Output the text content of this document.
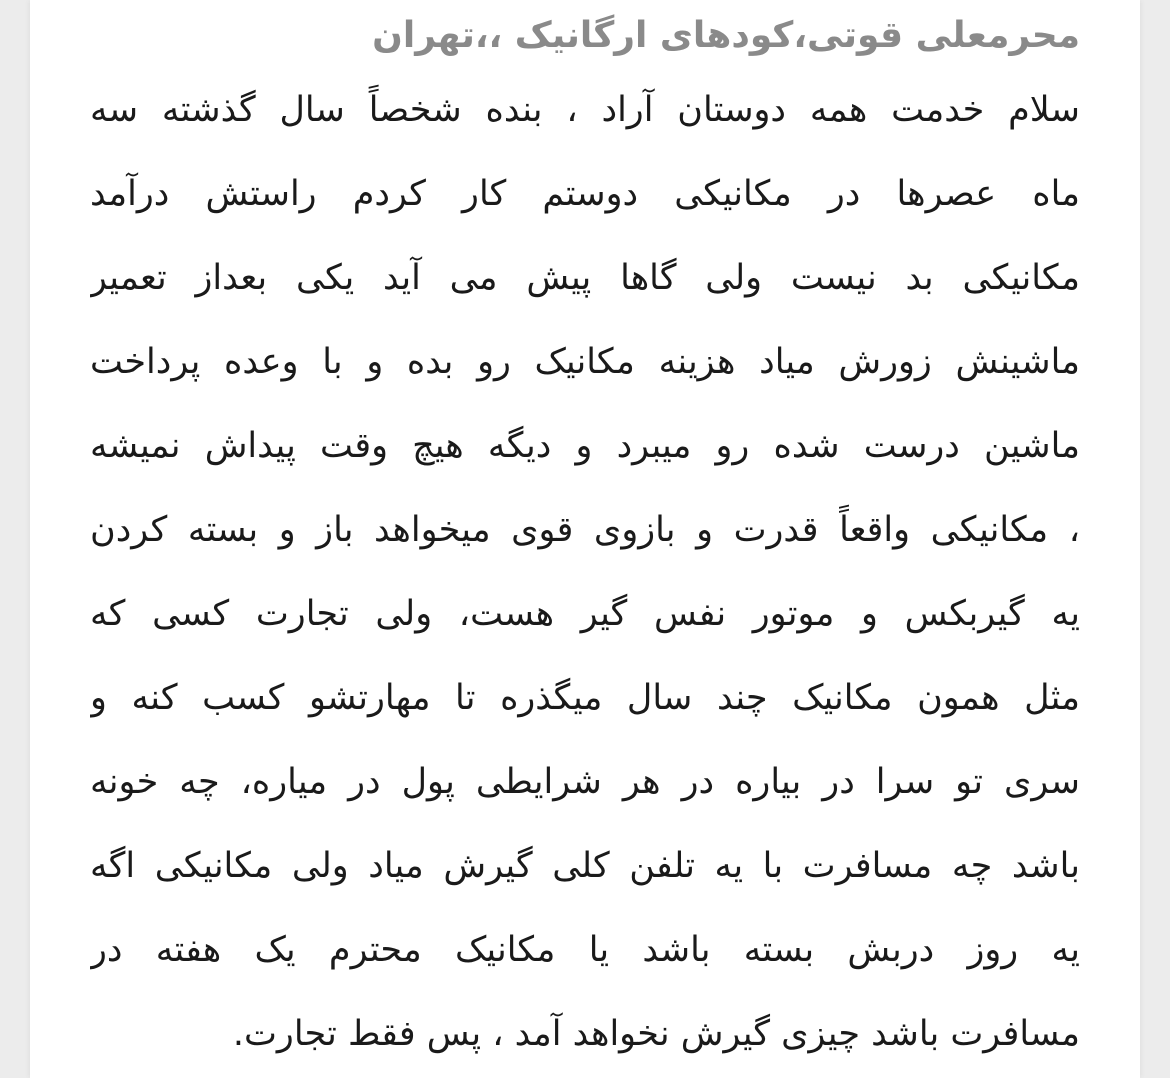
محرمعلی قوتی،کودهای ارگانیک ،،تهران

سلام خدمت همه دوستان آراد ، بنده شخصاً سال گذشته سه
ماه عصرها در مکانیکی دوستم کار کردم راستش درآمد
مکانیکی بد نیست ولی گاها پیش می آید یکی بعداز تعمیر
ماشینش زورش میاد هزینه مکانیک رو بده و با وعده پرداخت
ماشین درست شده رو میبرد و دیگه هیچ وقت پیداش نمیشه
، مکانیکی واقعاً قدرت و بازوی قوی میخواهد باز و بسته کردن
یه گیربکس و موتور نفس گیر هست، ولی تجارت کسی که
مثل همون مکانیک چند سال میگذره تا مهارتشو کسب کنه و
سری تو سرا در بیاره در هر شرایطی پول در میاره، چه خونه
باشد چه مسافرت با یه تلفن کلی گیرش میاد ولی مکانیکی اگه
یه روز دربش بسته باشد یا مکانیک محترم یک هفته در
مسافرت باشد چیزی گیرش نخواهد آمد ، پس فقط تجارت.
